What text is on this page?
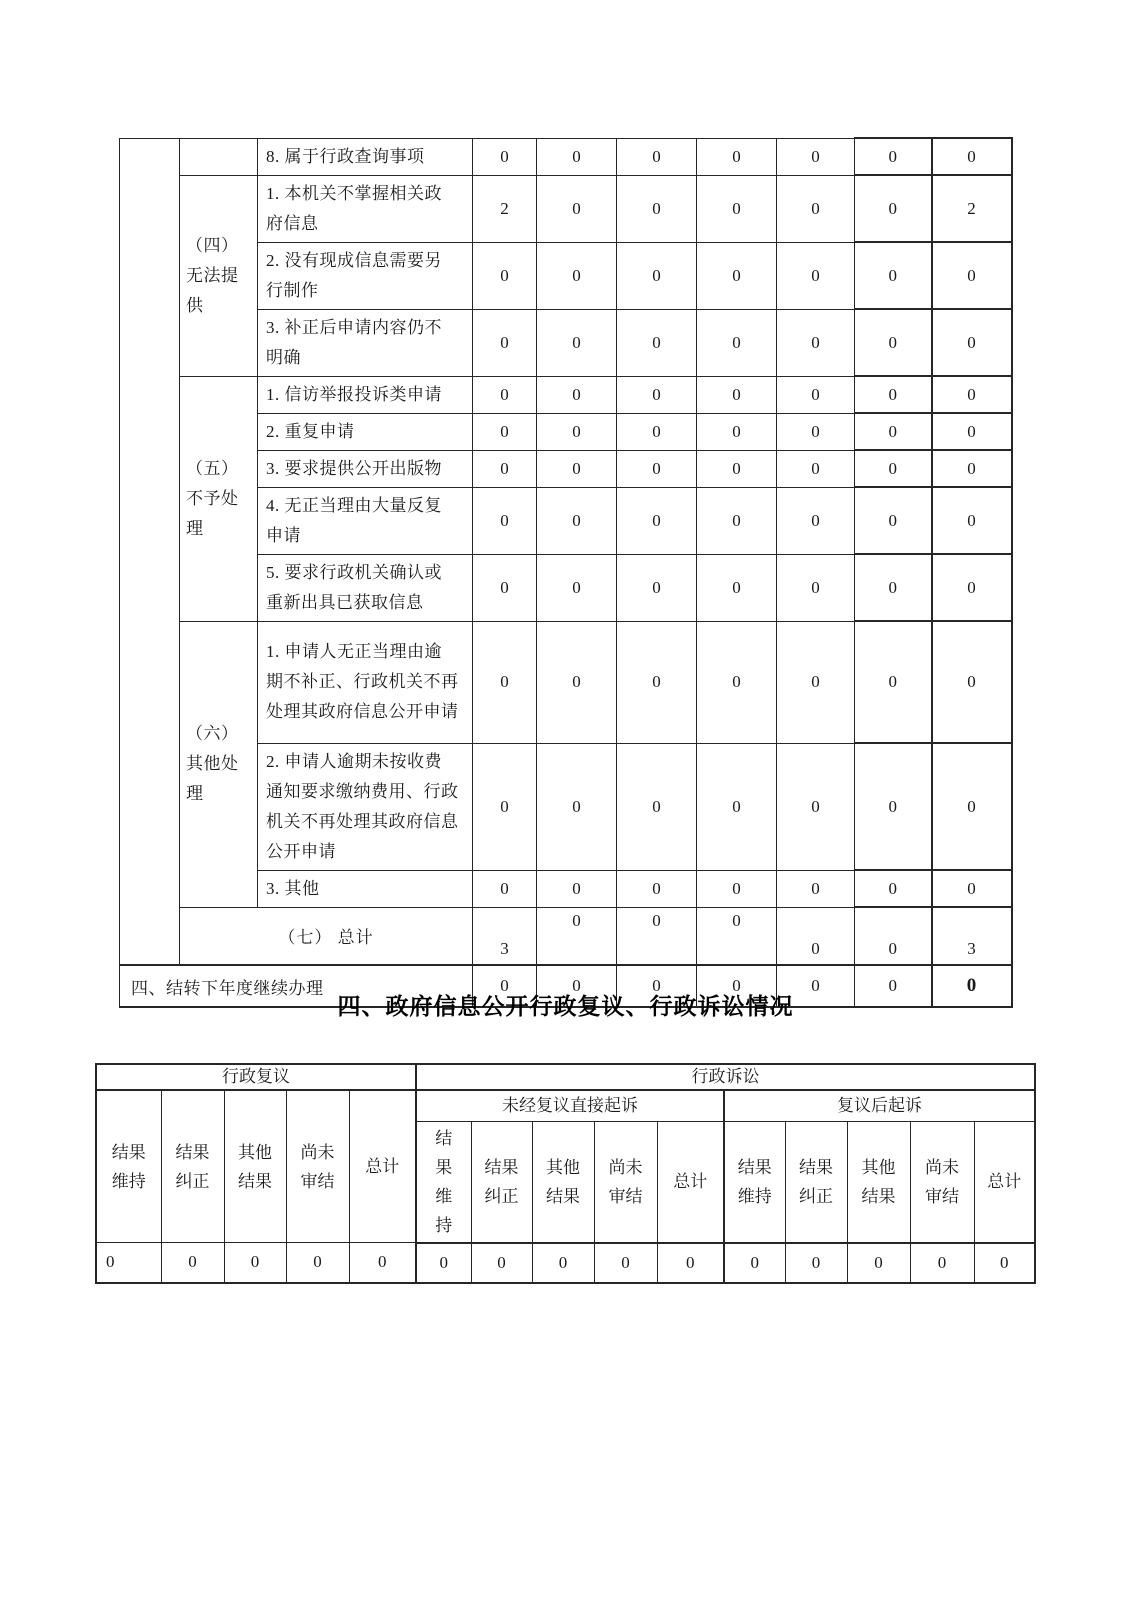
		8. 属于行政查询事项	0	0	0	0	0	0	0
	（四）无法提供	1. 本机关不掌握相关政府信息	2	0	0	0	0	0	2
		2. 没有现成信息需要另行制作	0	0	0	0	0	0	0
		3. 补正后申请内容仍不明确	0	0	0	0	0	0	0
	（五）不予处理	1. 信访举报投诉类申请	0	0	0	0	0	0	0
		2. 重复申请	0	0	0	0	0	0	0
		3. 要求提供公开出版物	0	0	0	0	0	0	0
		4. 无正当理由大量反复申请	0	0	0	0	0	0	0
		5. 要求行政机关确认或重新出具已获取信息	0	0	0	0	0	0	0
	（六）其他处理	1. 申请人无正当理由逾期不补正、行政机关不再处理其政府信息公开申请	0	0	0	0	0	0	0
		2. 申请人逾期未按收费通知要求缴纳费用、行政机关不再处理其政府信息公开申请	0	0	0	0	0	0	0
		3. 其他	0	0	0	0	0	0	0
	（七） 总计		3	0	0	0	0	0	3
四、结转下年度继续办理			0	0	0	0	0	0	0
四、政府信息公开行政复议、行政诉讼情况
行政复议					行政诉讼									
结果维持	结果纠正	其他结果	尚未审结	总计	未经复议直接起诉					复议后起诉				
					结果维持	结果纠正	其他结果	尚未审结	总计	结果维持	结果纠正	其他结果	尚未审结	总计
0	0	0	0	0	0	0	0	0	0	0	0	0	0	0
